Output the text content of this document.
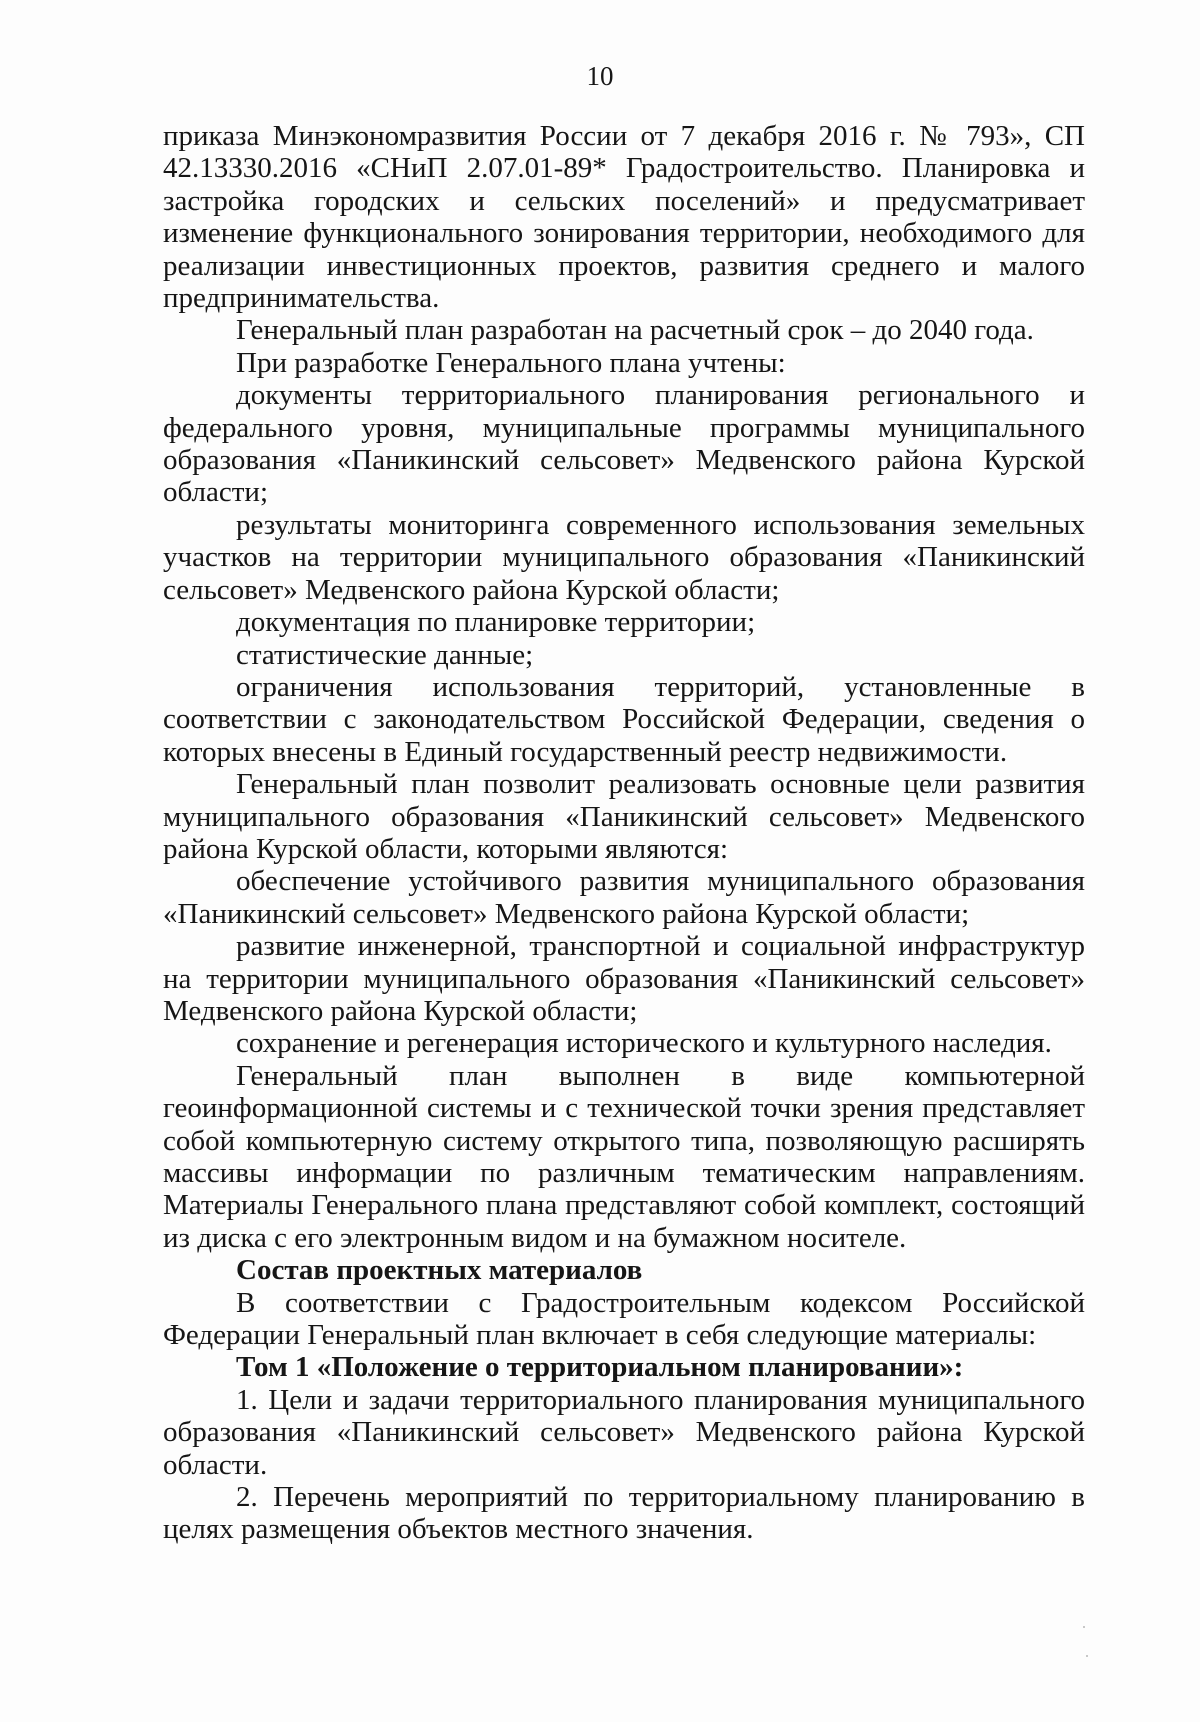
10

приказа Минэкономразвития России от 7 декабря 2016 г. № 793», СП 42.13330.2016 «СНиП 2.07.01-89* Градостроительство. Планировка и застройка городских и сельских поселений» и предусматривает изменение функционального зонирования территории, необходимого для реализации инвестиционных проектов, развития среднего и малого предпринимательства.

Генеральный план разработан на расчетный срок – до 2040 года.

При разработке Генерального плана учтены:

документы территориального планирования регионального и федерального уровня, муниципальные программы муниципального образования «Паникинский сельсовет» Медвенского района Курской области;

результаты мониторинга современного использования земельных участков на территории муниципального образования «Паникинский сельсовет» Медвенского района Курской области;

документация по планировке территории;

статистические данные;

ограничения использования территорий, установленные в соответствии с законодательством Российской Федерации, сведения о которых внесены в Единый государственный реестр недвижимости.

Генеральный план позволит реализовать основные цели развития муниципального образования «Паникинский сельсовет» Медвенского района Курской области, которыми являются:

обеспечение устойчивого развития муниципального образования «Паникинский сельсовет» Медвенского района Курской области;

развитие инженерной, транспортной и социальной инфраструктур на территории муниципального образования «Паникинский сельсовет» Медвенского района Курской области;

сохранение и регенерация исторического и культурного наследия.

Генеральный план выполнен в виде компьютерной геоинформационной системы и с технической точки зрения представляет собой компьютерную систему открытого типа, позволяющую расширять массивы информации по различным тематическим направлениям. Материалы Генерального плана представляют собой комплект, состоящий из диска с его электронным видом и на бумажном носителе.

Состав проектных материалов

В соответствии с Градостроительным кодексом Российской Федерации Генеральный план включает в себя следующие материалы:

Том 1 «Положение о территориальном планировании»:

1. Цели и задачи территориального планирования муниципального образования «Паникинский сельсовет» Медвенского района Курской области.

2. Перечень мероприятий по территориальному планированию в целях размещения объектов местного значения.
